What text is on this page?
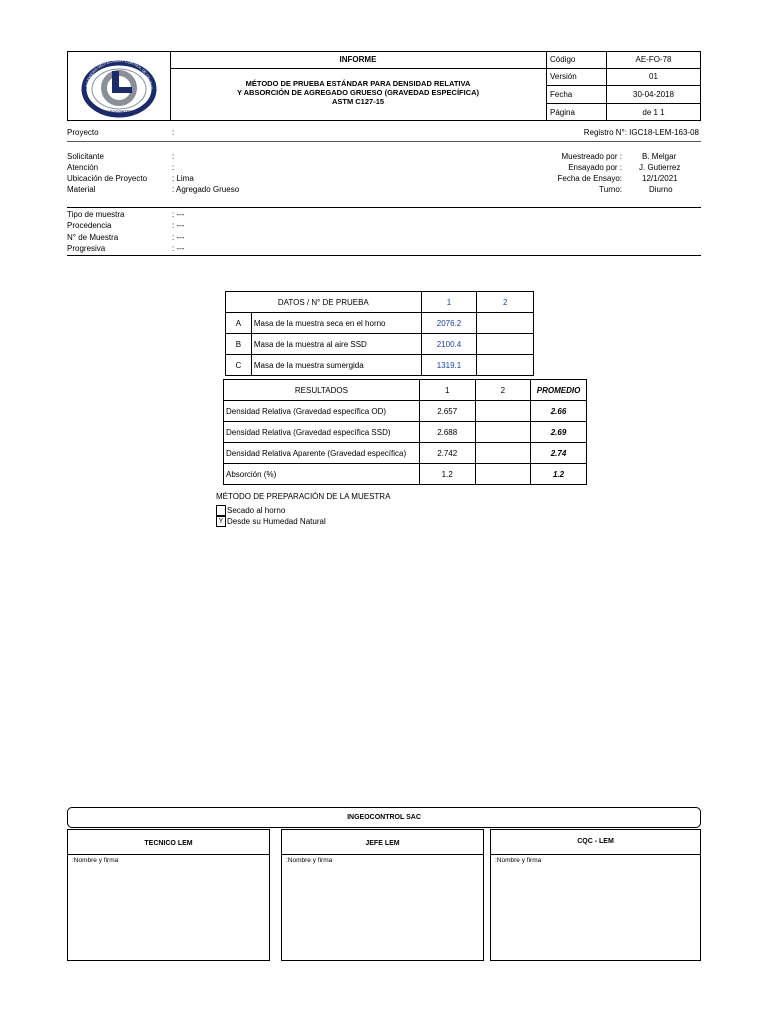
INGENIERÍA GEOTÉCNICA Y CONTROL DE CALIDAD
INGEOCONTROL
INFORME
MÉTODO DE PRUEBA ESTÁNDAR PARA DENSIDAD RELATIVA
Y ABSORCIÓN DE AGREGADO GRUESO (GRAVEDAD ESPECÍFICA)
ASTM C127-15
Código	AE-FO-78
Versión	01
Fecha	30-04-2018
Página	de 1 1
Proyecto	:	Registro N°: IGC18-LEM-163-08
Solicitante	:
Atención	:
Ubicación de Proyecto	: Lima
Material	: Agregado Grueso
Muestreado por :	B. Melgar
Ensayado por : J. Gutierrez
Fecha de Ensayo:	12/1/2021
Turno:	Diurno
Tipo de muestra	: ---
Procedencia	: ---
N° de Muestra	: ---
Progresiva	: ---
DATOS / N° DE PRUEBA		1	2
A	Masa de la muestra seca en el horno	2076.2	
B	Masa de la muestra al aire SSD	2100.4	
C	Masa de la muestra sumergida	1319.1	
RESULTADOS	1	2	PROMEDIO
Densidad Relativa (Gravedad específica OD)	2.657		2.66
Densidad Relativa (Gravedad específica SSD)	2.688		2.69
Densidad Relativa Aparente (Gravedad específica)	2.742		2.74
Absorción (%)	1.2		1.2
MÉTODO DE PREPARACIÓN DE LA MUESTRA
Secado al horno
Y Desde su Humedad Natural
INGEOCONTROL SAC
TECNICO LEM
:Nombre y firma
JEFE LEM
:Nombre y firma
CQC - LEM
:Nombre y firma
